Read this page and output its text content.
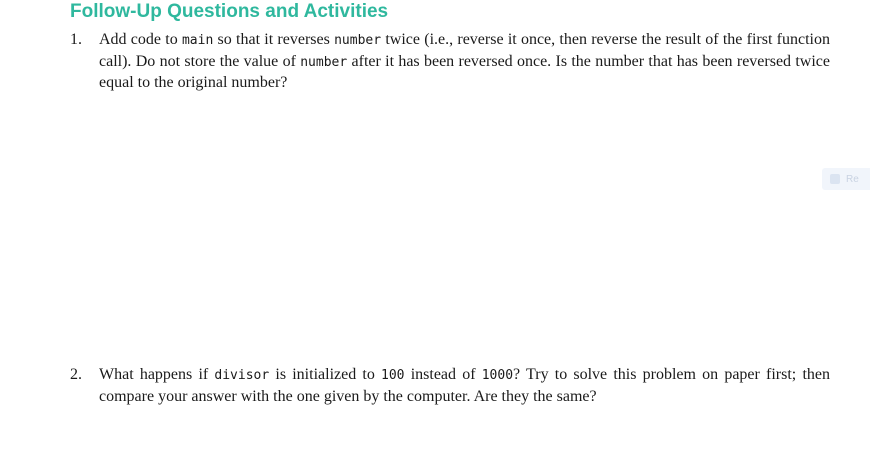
Follow-Up Questions and Activities
1.	Add code to main so that it reverses number twice (i.e., reverse it once, then reverse the result of the first function call). Do not store the value of number after it has been reversed once. Is the number that has been reversed twice equal to the original number?
2.	What happens if divisor is initialized to 100 instead of 1000? Try to solve this problem on paper first; then compare your answer with the one given by the computer. Are they the same?
Re
